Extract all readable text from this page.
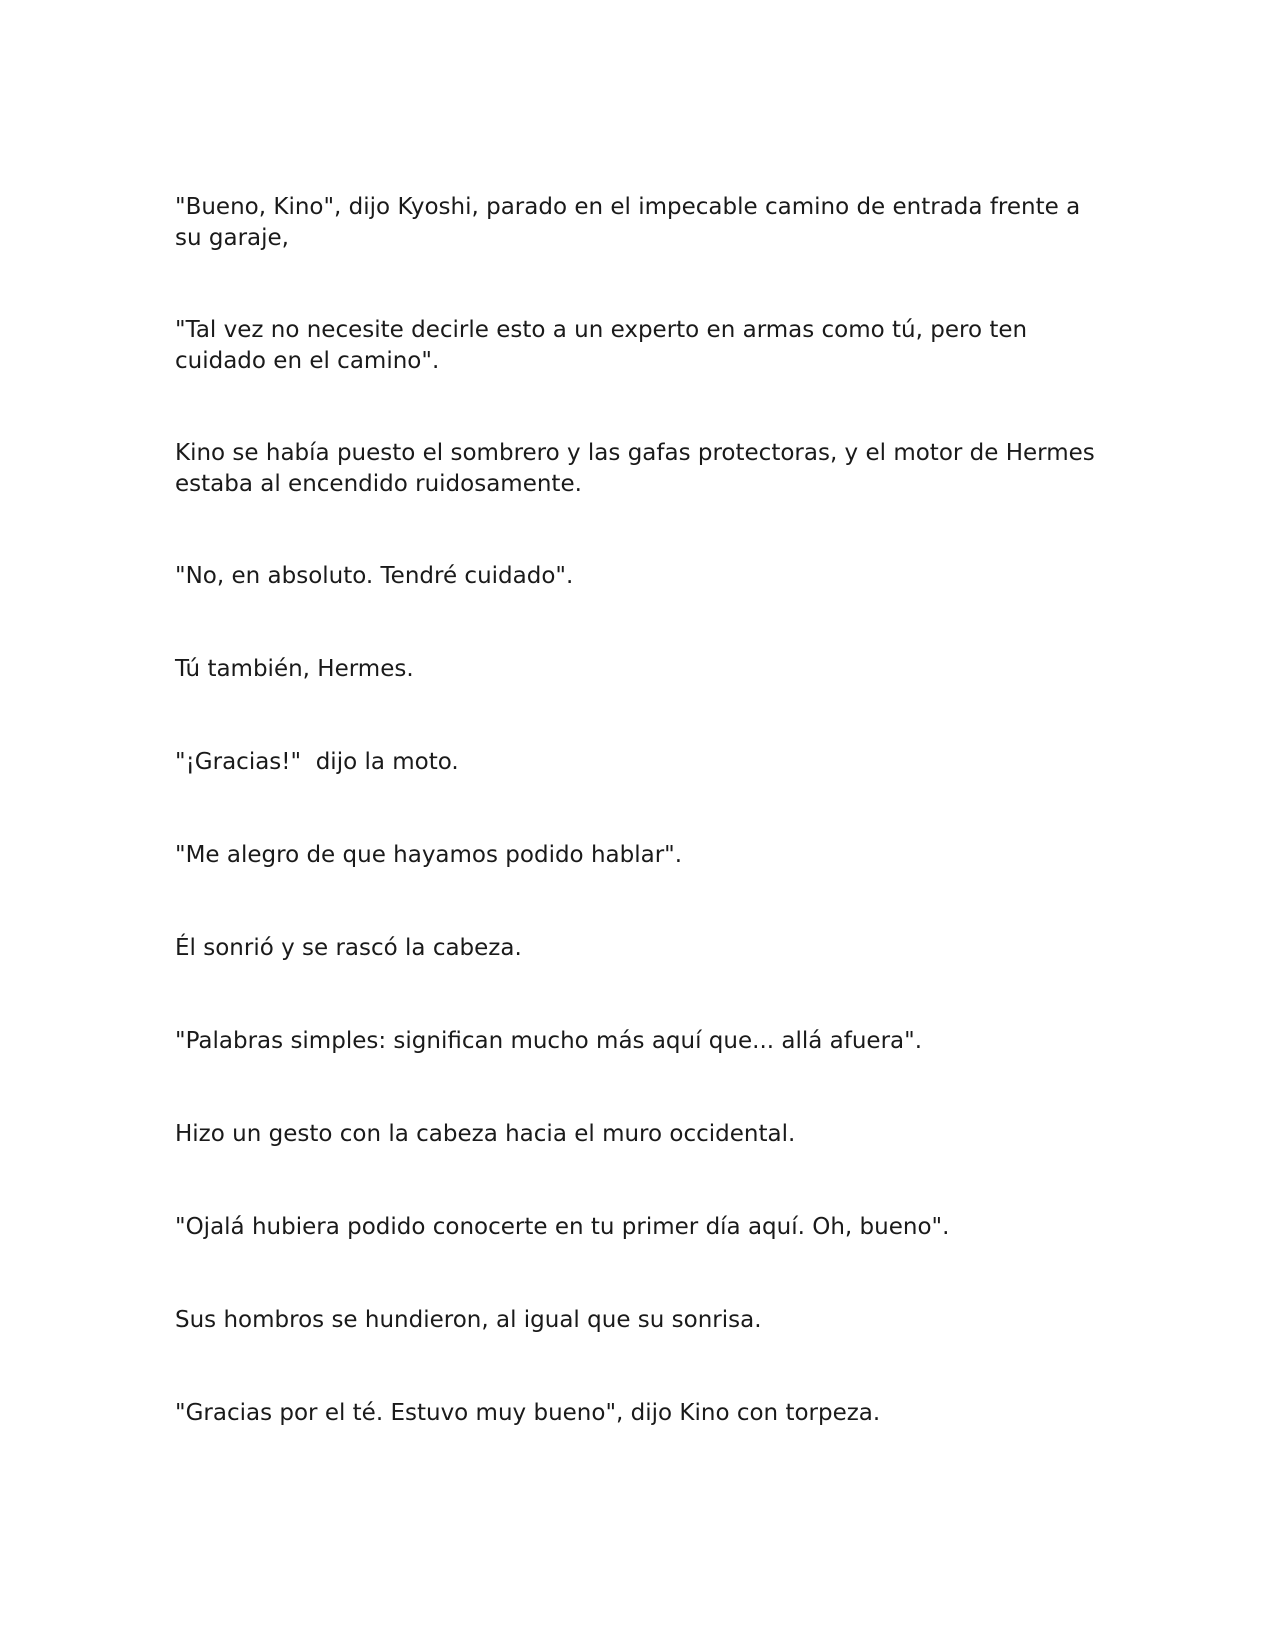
"Bueno, Kino", dijo Kyoshi, parado en el impecable camino de entrada frente a su garaje,

"Tal vez no necesite decirle esto a un experto en armas como tú, pero ten cuidado en el camino".

Kino se había puesto el sombrero y las gafas protectoras, y el motor de Hermes estaba al encendido ruidosamente.

"No, en absoluto. Tendré cuidado".

Tú también, Hermes.

"¡Gracias!"  dijo la moto.

"Me alegro de que hayamos podido hablar".

Él sonrió y se rascó la cabeza.

"Palabras simples: significan mucho más aquí que... allá afuera".

Hizo un gesto con la cabeza hacia el muro occidental.

"Ojalá hubiera podido conocerte en tu primer día aquí. Oh, bueno".

Sus hombros se hundieron, al igual que su sonrisa.

"Gracias por el té. Estuvo muy bueno", dijo Kino con torpeza.
